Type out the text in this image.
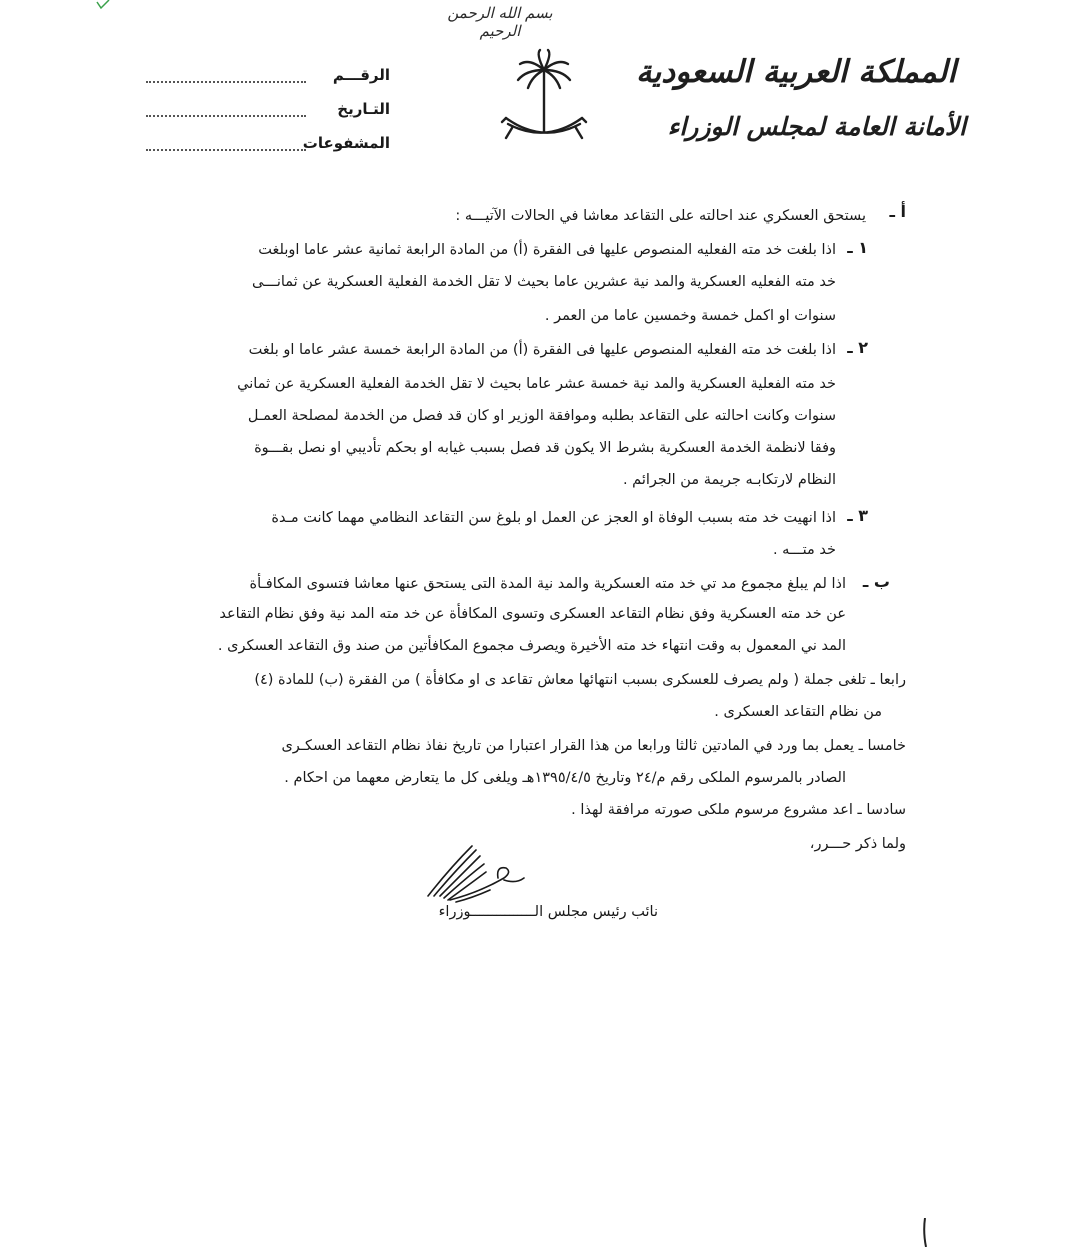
بسم الله الرحمن الرحيم
المملكة العربية السعودية
الأمانة العامة لمجلس الوزراء
الرقـــم
التـاريخ
المشفوعات
أ ـ
يستحق العسكري عند احالته على التقاعد معاشا في الحالات الآتيـــه :
١ ـ
اذا بلغت خد مته الفعليه المنصوص عليها فى الفقرة (أ) من المادة الرابعة ثمانية عشر عاما اوبلغت
خد مته الفعليه العسكرية والمد نية عشرين عاما بحيث لا تقل الخدمة الفعلية العسكرية عن ثمانـــى
سنوات او اكمل خمسة وخمسين عاما من العمر .
٢ ـ
اذا بلغت خد مته الفعليه المنصوص عليها فى الفقرة (أ) من المادة الرابعة خمسة عشر عاما او بلغت
خد مته الفعلية العسكرية والمد نية خمسة عشر عاما بحيث لا تقل الخدمة الفعلية العسكرية عن ثماني
سنوات وكانت احالته على التقاعد بطلبه وموافقة الوزير او كان قد فصل من الخدمة لمصلحة العمـل
وفقا لانظمة الخدمة العسكرية بشرط الا يكون قد فصل بسبب غيابه او بحكم تأديبي او نصل بقـــوة
النظام لارتكابـه جريمة من الجرائم .
٣ ـ
اذا انهيت خد مته بسبب الوفاة او العجز عن العمل او بلوغ سن التقاعد النظامي مهما كانت مـدة
خد متـــه .
ب ـ
اذا لم يبلغ مجموع مد تي خد مته العسكرية والمد نية المدة التى يستحق عنها معاشا فتسوى المكافـأة
عن خد مته العسكرية وفق نظام التقاعد العسكرى وتسوى المكافأة عن خد مته المد نية وفق نظام التقاعد
المد ني المعمول به وقت انتهاء خد مته الأخيرة ويصرف مجموع المكافأتين من صند وق التقاعد العسكرى .
رابعا ـ تلغى جملة ( ولم يصرف للعسكرى بسبب انتهائها معاش تقاعد ى او مكافأة ) من الفقرة (ب) للمادة (٤)
من نظام التقاعد العسكرى .
خامسا ـ يعمل بما ورد في المادتين ثالثا ورابعا من هذا القرار اعتبارا من تاريخ نفاذ نظام التقاعد العسكـرى
الصادر بالمرسوم الملكى رقم م/٢٤ وتاريخ ١٣٩٥/٤/٥هـ ويلغى كل ما يتعارض معهما من احكام .
سادسا ـ اعد مشروع مرسوم ملكى صورته مرافقة لهذا .
ولما ذكر حـــرر،
نائب رئيس مجلس الـــــــــــــــوزراء
